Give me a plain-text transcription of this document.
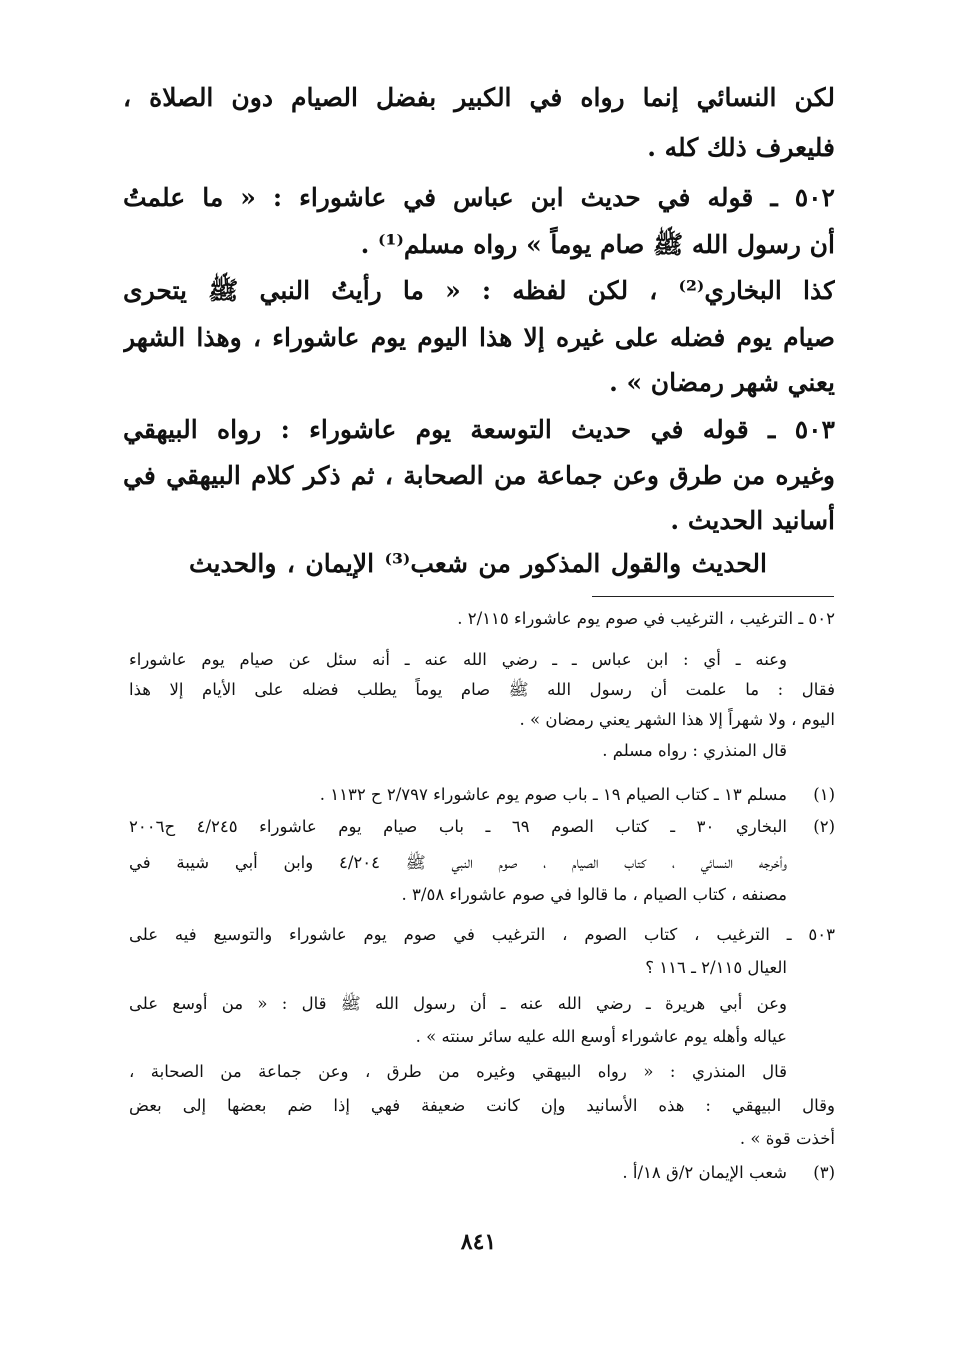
لكن النسائي إنما رواه في الكبير بفضل الصيام دون الصلاة ،
فليعرف ذلك كله .
٥٠٢ ـ قوله في حديث ابن عباس في عاشوراء : « ما علمتُ
أن رسول الله ﷺ صام يوماً » رواه مسلم⁽¹⁾ .
كذا البخاري⁽²⁾ ، لكن لفظه : « ما رأيتُ النبي ﷺ يتحرى
صيام يوم فضله على غيره إلا هذا اليوم يوم عاشوراء ، وهذا الشهر
يعني شهر رمضان » .
٥٠٣ ـ قوله في حديث التوسعة يوم عاشوراء : رواه البيهقي
وغيره من طرق وعن جماعة من الصحابة ، ثم ذكر كلام البيهقي في
أسانيد الحديث .
الحديث والقول المذكور من شعب⁽³⁾ الإيمان ، والحديث
٥٠٢ ـ الترغيب ، الترغيب في صوم يوم عاشوراء ٢/١١٥ .
وعنه ـ أي : ابن عباس ـ ـ رضي الله عنه ـ أنه سئل عن صيام يوم عاشوراء
فقال : ما علمت أن رسول الله ﷺ صام يوماً يطلب فضله على الأيام إلا هذا
اليوم ، ولا شهراً إلا هذا الشهر يعني رمضان » .
قال المنذري : رواه مسلم .
(١)
مسلم ١٣ ـ كتاب الصيام ١٩ ـ باب صوم يوم عاشوراء ٢/٧٩٧ ح ١١٣٢ .
(٢)
البخاري ٣٠ ـ كتاب الصوم ٦٩ ـ باب صيام يوم عاشوراء ٤/٢٤٥ ح٢٠٠٦
وأخرجه النسائي ، كتاب الصيام ، صوم النبي ﷺ ٤/٢٠٤ وابن أبي شيبة في
مصنفه ، كتاب الصيام ، ما قالوا في صوم عاشوراء ٣/٥٨ .
٥٠٣ ـ الترغيب ، كتاب الصوم ، الترغيب في صوم يوم عاشوراء والتوسيع فيه على
العيال ٢/١١٥ ـ ١١٦ ؟
وعن أبي هريرة ـ رضي الله عنه ـ أن رسول الله ﷺ قال : « من أوسع على
عياله وأهله يوم عاشوراء أوسع الله عليه سائر سنته » .
قال المنذري : « رواه البيهقي وغيره من طرق ، وعن جماعة من الصحابة ،
وقال البيهقي : هذه الأسانيد وإن كانت ضعيفة فهي إذا ضم بعضها إلى بعض
أخذت قوة » .
(٣)
شعب الإيمان ٢/ق ١٨/أ .
٨٤١
